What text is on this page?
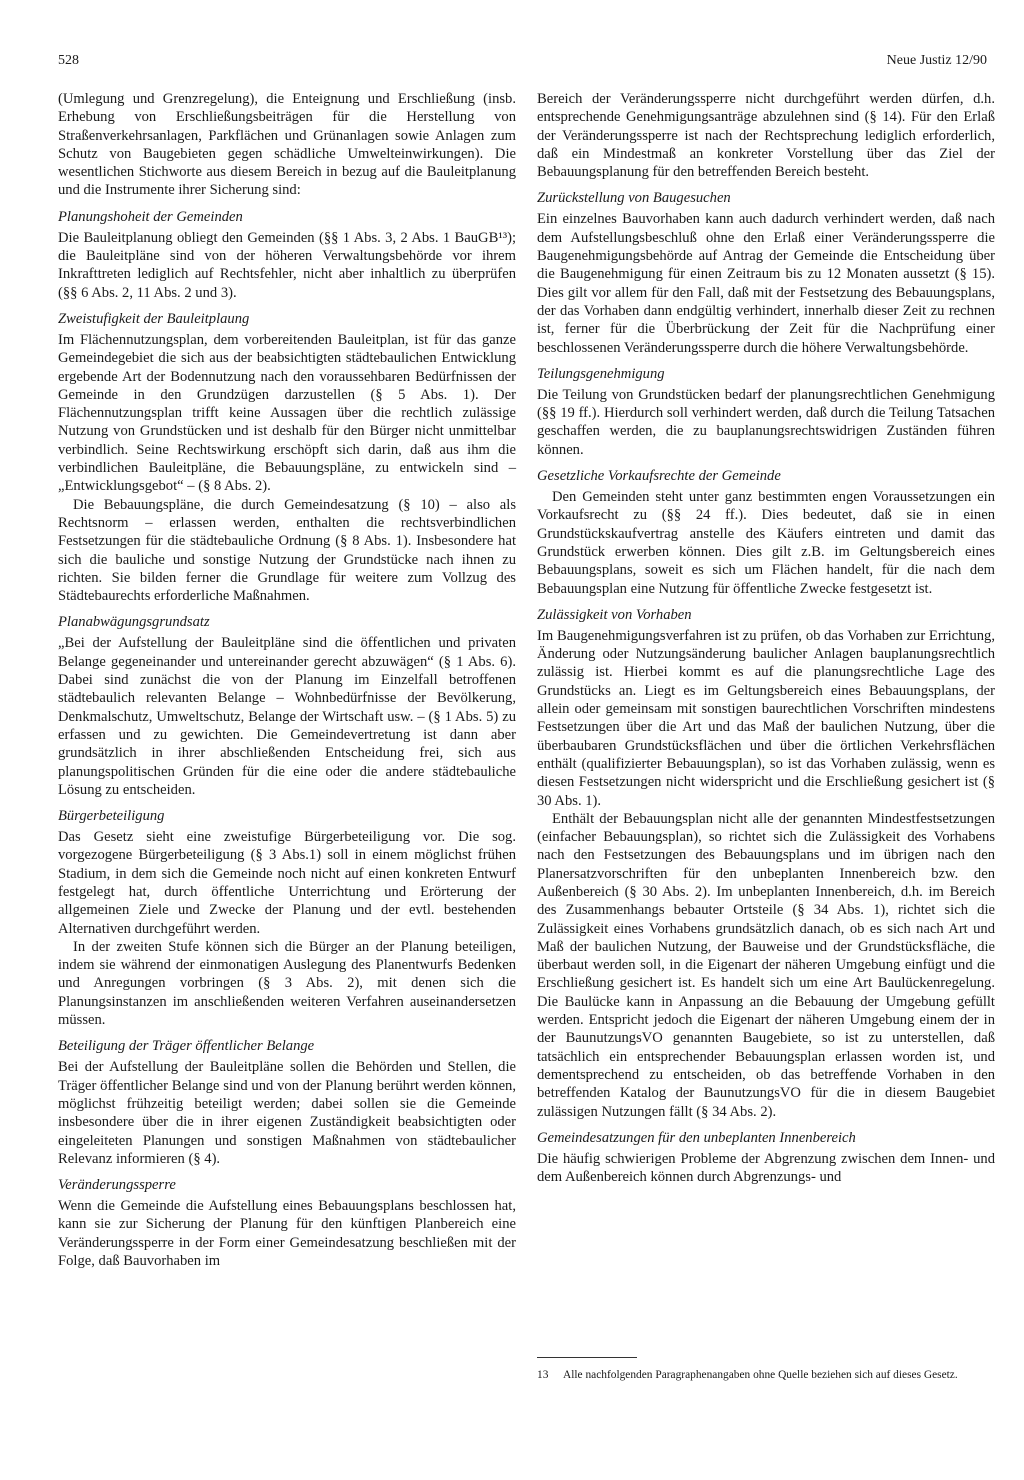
528	Neue Justiz 12/90

(Umlegung und Grenzregelung), die Enteignung und Erschließung (insb. Erhebung von Erschließungsbeiträgen für die Herstellung von Straßenverkehrsanlagen, Parkflächen und Grünanlagen sowie Anlagen zum Schutz von Baugebieten gegen schädliche Umwelteinwirkungen). Die wesentlichen Stichworte aus diesem Bereich in bezug auf die Bauleitplanung und die Instrumente ihrer Sicherung sind:

Planungshoheit der Gemeinden

Die Bauleitplanung obliegt den Gemeinden (§§ 1 Abs. 3, 2 Abs. 1 BauGB¹³); die Bauleitpläne sind von der höheren Verwaltungsbehörde vor ihrem Inkrafttreten lediglich auf Rechtsfehler, nicht aber inhaltlich zu überprüfen (§§ 6 Abs. 2, 11 Abs. 2 und 3).

Zweistufigkeit der Bauleitplaung

Im Flächennutzungsplan, dem vorbereitenden Bauleitplan, ist für das ganze Gemeindegebiet die sich aus der beabsichtigten städtebaulichen Entwicklung ergebende Art der Bodennutzung nach den voraussehbaren Bedürfnissen der Gemeinde in den Grundzügen darzustellen (§ 5 Abs. 1). Der Flächennutzungsplan trifft keine Aussagen über die rechtlich zulässige Nutzung von Grundstücken und ist deshalb für den Bürger nicht unmittelbar verbindlich. Seine Rechtswirkung erschöpft sich darin, daß aus ihm die verbindlichen Bauleitpläne, die Bebauungspläne, zu entwickeln sind – „Entwicklungsgebot“ – (§ 8 Abs. 2).

Die Bebauungspläne, die durch Gemeindesatzung (§ 10) – also als Rechtsnorm – erlassen werden, enthalten die rechtsverbindlichen Festsetzungen für die städtebauliche Ordnung (§ 8 Abs. 1). Insbesondere hat sich die bauliche und sonstige Nutzung der Grundstücke nach ihnen zu richten. Sie bilden ferner die Grundlage für weitere zum Vollzug des Städtebaurechts erforderliche Maßnahmen.

Planabwägungsgrundsatz

„Bei der Aufstellung der Bauleitpläne sind die öffentlichen und privaten Belange gegeneinander und untereinander gerecht abzuwägen“ (§ 1 Abs. 6). Dabei sind zunächst die von der Planung im Einzelfall betroffenen städtebaulich relevanten Belange – Wohnbedürfnisse der Bevölkerung, Denkmalschutz, Umweltschutz, Belange der Wirtschaft usw. – (§ 1 Abs. 5) zu erfassen und zu gewichten. Die Gemeindevertretung ist dann aber grundsätzlich in ihrer abschließenden Entscheidung frei, sich aus planungspolitischen Gründen für die eine oder die andere städtebauliche Lösung zu entscheiden.

Bürgerbeteiligung

Das Gesetz sieht eine zweistufige Bürgerbeteiligung vor. Die sog. vorgezogene Bürgerbeteiligung (§ 3 Abs.1) soll in einem möglichst frühen Stadium, in dem sich die Gemeinde noch nicht auf einen konkreten Entwurf festgelegt hat, durch öffentliche Unterrichtung und Erörterung der allgemeinen Ziele und Zwecke der Planung und der evtl. bestehenden Alternativen durchgeführt werden.

In der zweiten Stufe können sich die Bürger an der Planung beteiligen, indem sie während der einmonatigen Auslegung des Planentwurfs Bedenken und Anregungen vorbringen (§ 3 Abs. 2), mit denen sich die Planungsinstanzen im anschließenden weiteren Verfahren auseinandersetzen müssen.

Beteiligung der Träger öffentlicher Belange

Bei der Aufstellung der Bauleitpläne sollen die Behörden und Stellen, die Träger öffentlicher Belange sind und von der Planung berührt werden können, möglichst frühzeitig beteiligt werden; dabei sollen sie die Gemeinde insbesondere über die in ihrer eigenen Zuständigkeit beabsichtigten oder eingeleiteten Planungen und sonstigen Maßnahmen von städtebaulicher Relevanz informieren (§ 4).

Veränderungssperre

Wenn die Gemeinde die Aufstellung eines Bebauungsplans beschlossen hat, kann sie zur Sicherung der Planung für den künftigen Planbereich eine Veränderungssperre in der Form einer Gemeindesatzung beschließen mit der Folge, daß Bauvorhaben im

Bereich der Veränderungssperre nicht durchgeführt werden dürfen, d.h. entsprechende Genehmigungsanträge abzulehnen sind (§ 14). Für den Erlaß der Veränderungssperre ist nach der Rechtsprechung lediglich erforderlich, daß ein Mindestmaß an konkreter Vorstellung über das Ziel der Bebauungsplanung für den betreffenden Bereich besteht.

Zurückstellung von Baugesuchen

Ein einzelnes Bauvorhaben kann auch dadurch verhindert werden, daß nach dem Aufstellungsbeschluß ohne den Erlaß einer Veränderungssperre die Baugenehmigungsbehörde auf Antrag der Gemeinde die Entscheidung über die Baugenehmigung für einen Zeitraum bis zu 12 Monaten aussetzt (§ 15). Dies gilt vor allem für den Fall, daß mit der Festsetzung des Bebauungsplans, der das Vorhaben dann endgültig verhindert, innerhalb dieser Zeit zu rechnen ist, ferner für die Überbrückung der Zeit für die Nachprüfung einer beschlossenen Veränderungssperre durch die höhere Verwaltungsbehörde.

Teilungsgenehmigung

Die Teilung von Grundstücken bedarf der planungsrechtlichen Genehmigung (§§ 19 ff.). Hierdurch soll verhindert werden, daß durch die Teilung Tatsachen geschaffen werden, die zu bauplanungsrechtswidrigen Zuständen führen können.

Gesetzliche Vorkaufsrechte der Gemeinde

Den Gemeinden steht unter ganz bestimmten engen Voraussetzungen ein Vorkaufsrecht zu (§§ 24 ff.). Dies bedeutet, daß sie in einen Grundstückskaufvertrag anstelle des Käufers eintreten und damit das Grundstück erwerben können. Dies gilt z.B. im Geltungsbereich eines Bebauungsplans, soweit es sich um Flächen handelt, für die nach dem Bebauungsplan eine Nutzung für öffentliche Zwecke festgesetzt ist.

Zulässigkeit von Vorhaben

Im Baugenehmigungsverfahren ist zu prüfen, ob das Vorhaben zur Errichtung, Änderung oder Nutzungsänderung baulicher Anlagen bauplanungsrechtlich zulässig ist. Hierbei kommt es auf die planungsrechtliche Lage des Grundstücks an. Liegt es im Geltungsbereich eines Bebauungsplans, der allein oder gemeinsam mit sonstigen baurechtlichen Vorschriften mindestens Festsetzungen über die Art und das Maß der baulichen Nutzung, über die überbaubaren Grundstücksflächen und über die örtlichen Verkehrsflächen enthält (qualifizierter Bebauungsplan), so ist das Vorhaben zulässig, wenn es diesen Festsetzungen nicht widerspricht und die Erschließung gesichert ist (§ 30 Abs. 1).

Enthält der Bebauungsplan nicht alle der genannten Mindestfestsetzungen (einfacher Bebauungsplan), so richtet sich die Zulässigkeit des Vorhabens nach den Festsetzungen des Bebauungsplans und im übrigen nach den Planersatzvorschriften für den unbeplanten Innenbereich bzw. den Außenbereich (§ 30 Abs. 2). Im unbeplanten Innenbereich, d.h. im Bereich des Zusammenhangs bebauter Ortsteile (§ 34 Abs. 1), richtet sich die Zulässigkeit eines Vorhabens grundsätzlich danach, ob es sich nach Art und Maß der baulichen Nutzung, der Bauweise und der Grundstücksfläche, die überbaut werden soll, in die Eigenart der näheren Umgebung einfügt und die Erschließung gesichert ist. Es handelt sich um eine Art Baulückenregelung. Die Baulücke kann in Anpassung an die Bebauung der Umgebung gefüllt werden. Entspricht jedoch die Eigenart der näheren Umgebung einem der in der BaunutzungsVO genannten Baugebiete, so ist zu unterstellen, daß tatsächlich ein entsprechender Bebauungsplan erlassen worden ist, und dementsprechend zu entscheiden, ob das betreffende Vorhaben in den betreffenden Katalog der BaunutzungsVO für die in diesem Baugebiet zulässigen Nutzungen fällt (§ 34 Abs. 2).

Gemeindesatzungen für den unbeplanten Innenbereich

Die häufig schwierigen Probleme der Abgrenzung zwischen dem Innen- und dem Außenbereich können durch Abgrenzungs- und

13 Alle nachfolgenden Paragraphenangaben ohne Quelle beziehen sich auf dieses Gesetz.
